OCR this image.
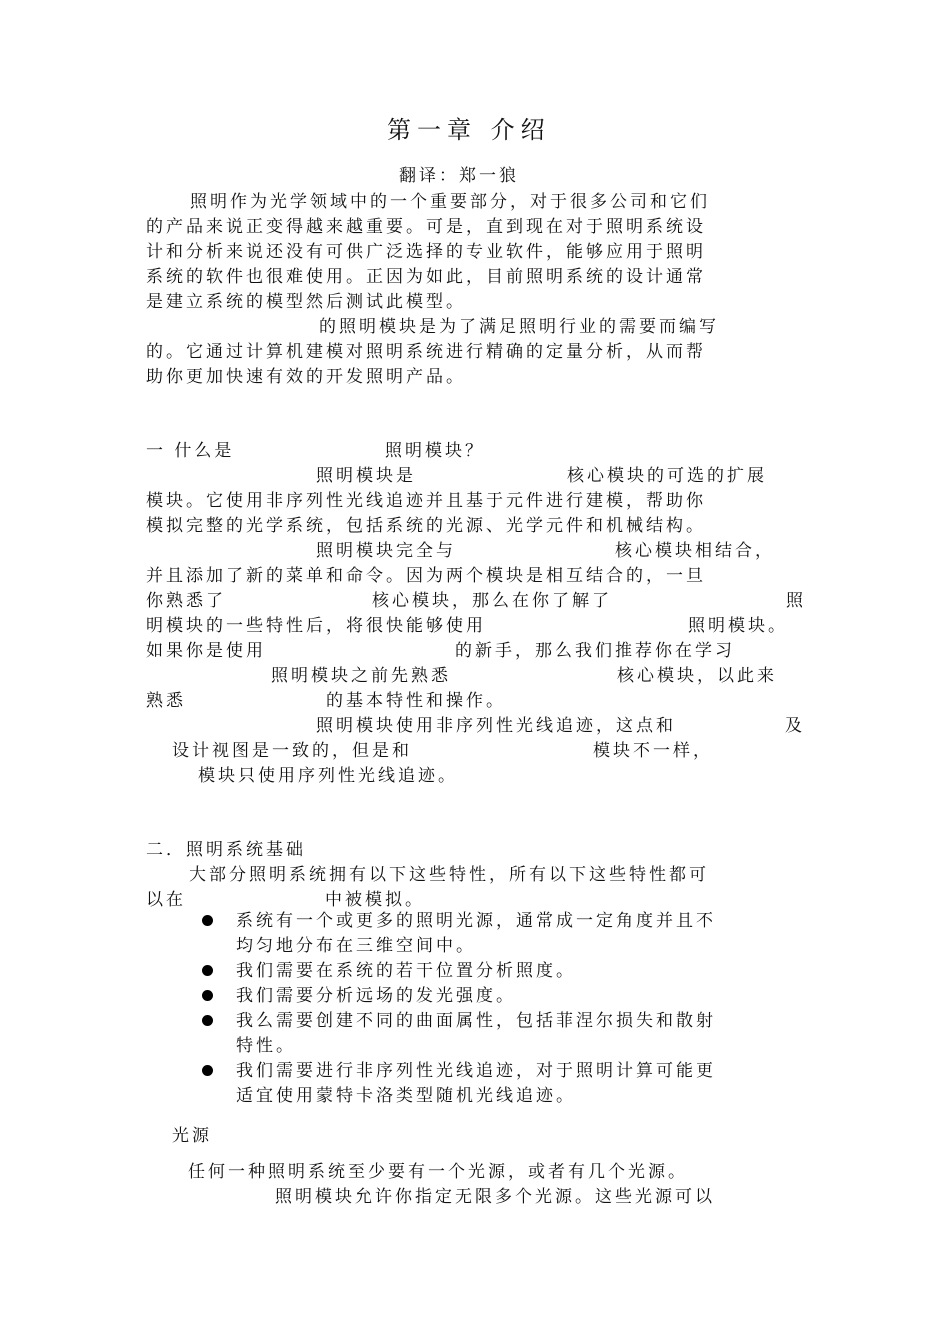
第一章 介绍
翻译：郑一狼
照明作为光学领域中的一个重要部分，对于很多公司和它们
的产品来说正变得越来越重要。可是，直到现在对于照明系统设
计和分析来说还没有可供广泛选择的专业软件，能够应用于照明
系统的软件也很难使用。正因为如此，目前照明系统的设计通常
是建立系统的模型然后测试此模型。
的照明模块是为了满足照明行业的需要而编写
的。它通过计算机建模对照明系统进行精确的定量分析，从而帮
助你更加快速有效的开发照明产品。
一 什么是	照明模块？
照明模块是	核心模块的可选的扩展
模块。它使用非序列性光线追迹并且基于元件进行建模，帮助你
模拟完整的光学系统，包括系统的光源、光学元件和机械结构。
照明模块完全与	核心模块相结合，
并且添加了新的菜单和命令。因为两个模块是相互结合的，一旦
你熟悉了	核心模块，那么在你了解了	照
明模块的一些特性后，将很快能够使用	照明模块。
如果你是使用	的新手，那么我们推荐你在学习
照明模块之前先熟悉	核心模块，以此来
熟悉	的基本特性和操作。
照明模块使用非序列性光线追迹，这点和	及
设计视图是一致的，但是和	模块不一样，
模块只使用序列性光线追迹。
二．照明系统基础
大部分照明系统拥有以下这些特性，所有以下这些特性都可
以在	中被模拟。
系统有一个或更多的照明光源，通常成一定角度并且不
均匀地分布在三维空间中。
我们需要在系统的若干位置分析照度。
我们需要分析远场的发光强度。
我么需要创建不同的曲面属性，包括菲涅尔损失和散射
特性。
我们需要进行非序列性光线追迹，对于照明计算可能更
适宜使用蒙特卡洛类型随机光线追迹。
光源
任何一种照明系统至少要有一个光源，或者有几个光源。
照明模块允许你指定无限多个光源。这些光源可以
